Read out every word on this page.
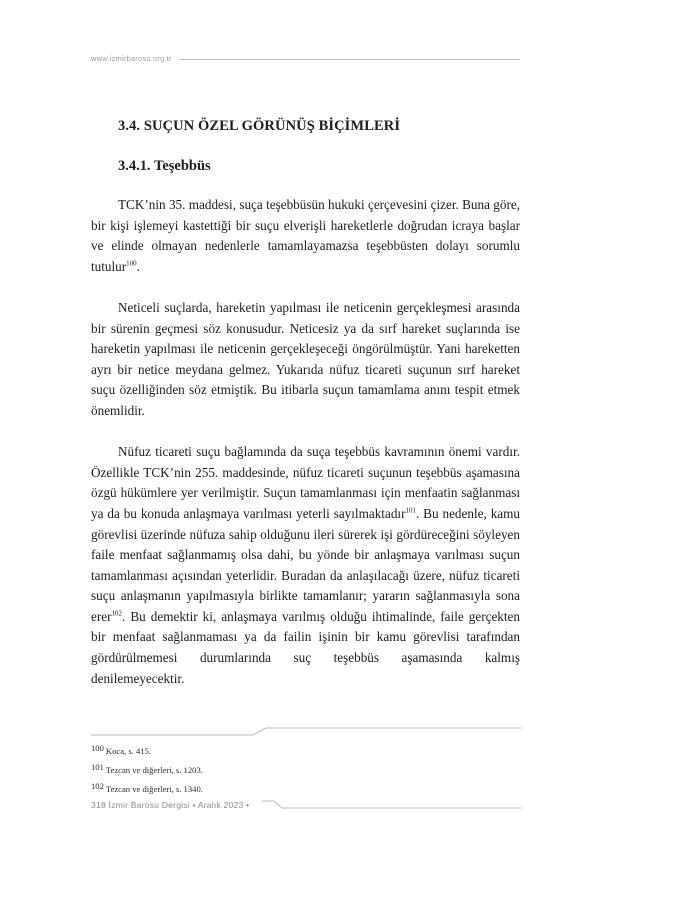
www.izmirbarosu.org.tr
3.4. SUÇUN ÖZEL GÖRÜNÜŞ BİÇİMLERİ
3.4.1. Teşebbüs

TCK’nin 35. maddesi, suça teşebbüsün hukuki çerçevesini çizer. Buna göre, bir kişi işlemeyi kastettiği bir suçu elverişli hareketlerle doğrudan icraya başlar ve elinde olmayan nedenlerle tamamlayamazsa teşebbüsten dolayı sorumlu tutulur$^{100}$.

Neticeli suçlarda, hareketin yapılması ile neticenin gerçekleşmesi arasında bir sürenin geçmesi söz konusudur. Neticesiz ya da sırf hareket suçlarında ise hareketin yapılması ile neticenin gerçekleşeceği öngörülmüştür. Yani hareketten ayrı bir netice meydana gelmez. Yukarıda nüfuz ticareti suçunun sırf hareket suçu özelliğinden söz etmiştik. Bu itibarla suçun tamamlama anını tespit etmek önemlidir.

Nüfuz ticareti suçu bağlamında da suça teşebbüs kavramının önemi vardır. Özellikle TCK’nin 255. maddesinde, nüfuz ticareti suçunun teşebbüs aşamasına özgü hükümlere yer verilmiştir. Suçun tamamlanması için menfaatin sağlanması ya da bu konuda anlaşmaya varılması yeterli sayılmaktadır$^{101}$. Bu nedenle, kamu görevlisi üzerinde nüfuza sahip olduğunu ileri sürerek işi gördüreceğini söyleyen faile menfaat sağlanmamış olsa dahi, bu yönde bir anlaşmaya varılması suçun tamamlanması açısından yeterlidir. Buradan da anlaşılacağı üzere, nüfuz ticareti suçu anlaşmanın yapılmasıyla birlikte tamamlanır; yararın sağlanmasıyla sona erer$^{102}$. Bu demektir ki, anlaşmaya varılmış olduğu ihtimalinde, faile gerçekten bir menfaat sağlanmaması ya da failin işinin bir kamu görevlisi tarafından gördürülmemesi durumlarında suç teşebbüs aşamasında kalmış denilemeyecektir.

100 Koca, s. 415.
101 Tezcan ve diğerleri, s. 1203.
102 Tezcan ve diğerleri, s. 1340.
318 İzmir Barosu Dergisi • Aralık 2023 •
